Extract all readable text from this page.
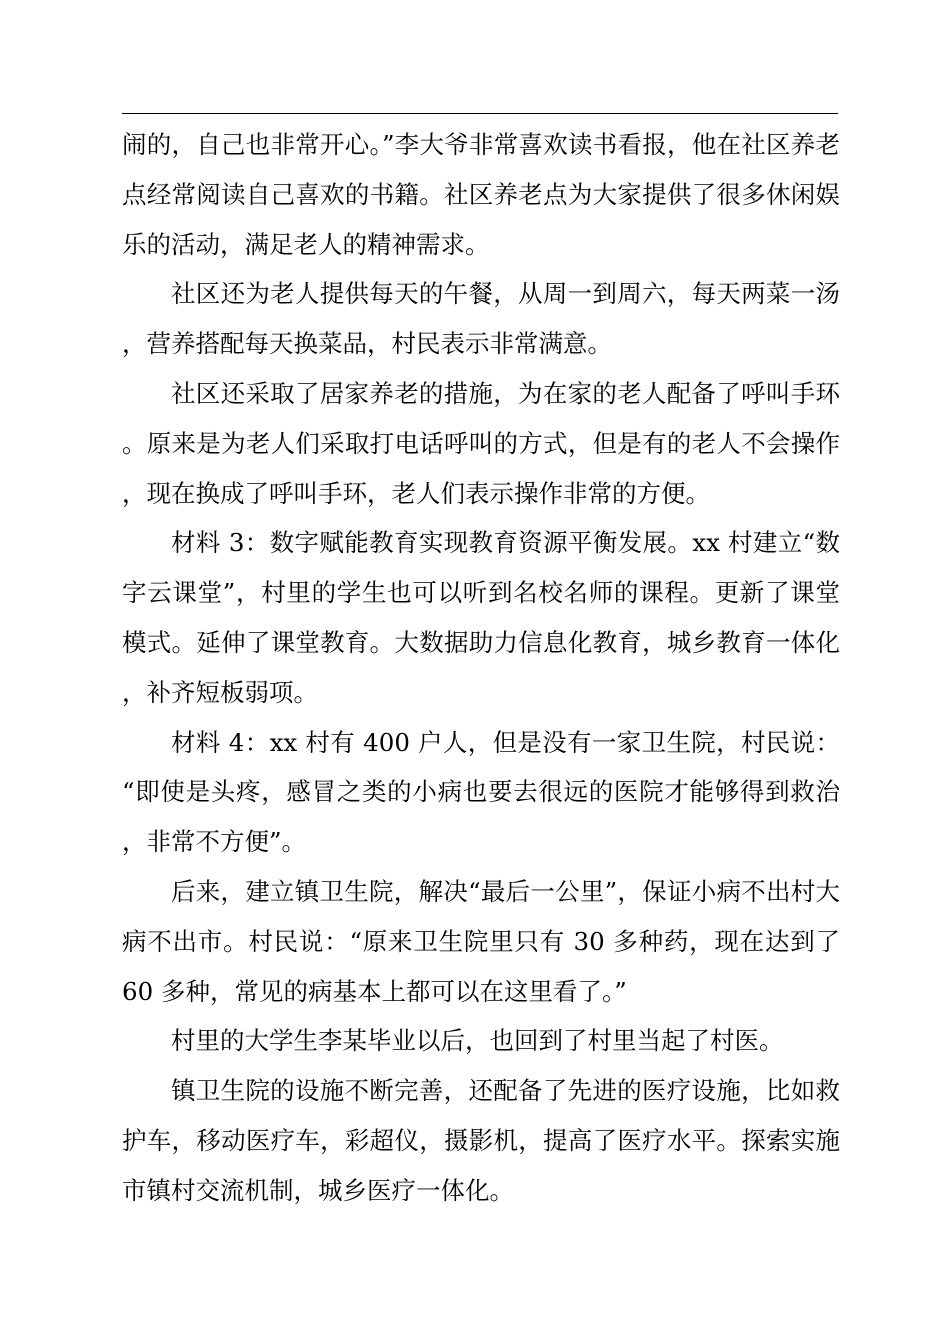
闹的，自己也非常开心。”李大爷非常喜欢读书看报，他在社区养老点经常阅读自己喜欢的书籍。社区养老点为大家提供了很多休闲娱乐的活动，满足老人的精神需求。

社区还为老人提供每天的午餐，从周一到周六，每天两菜一汤，营养搭配每天换菜品，村民表示非常满意。

社区还采取了居家养老的措施，为在家的老人配备了呼叫手环。原来是为老人们采取打电话呼叫的方式，但是有的老人不会操作，现在换成了呼叫手环，老人们表示操作非常的方便。

材料 3：数字赋能教育实现教育资源平衡发展。xx 村建立“数字云课堂”，村里的学生也可以听到名校名师的课程。更新了课堂模式。延伸了课堂教育。大数据助力信息化教育，城乡教育一体化，补齐短板弱项。

材料 4：xx 村有 400 户人，但是没有一家卫生院，村民说：“即使是头疼，感冒之类的小病也要去很远的医院才能够得到救治，非常不方便”。

后来，建立镇卫生院，解决“最后一公里”，保证小病不出村大病不出市。村民说：“原来卫生院里只有 30 多种药，现在达到了 60 多种，常见的病基本上都可以在这里看了。”

村里的大学生李某毕业以后，也回到了村里当起了村医。

镇卫生院的设施不断完善，还配备了先进的医疗设施，比如救护车，移动医疗车，彩超仪，摄影机，提高了医疗水平。探索实施市镇村交流机制，城乡医疗一体化。
